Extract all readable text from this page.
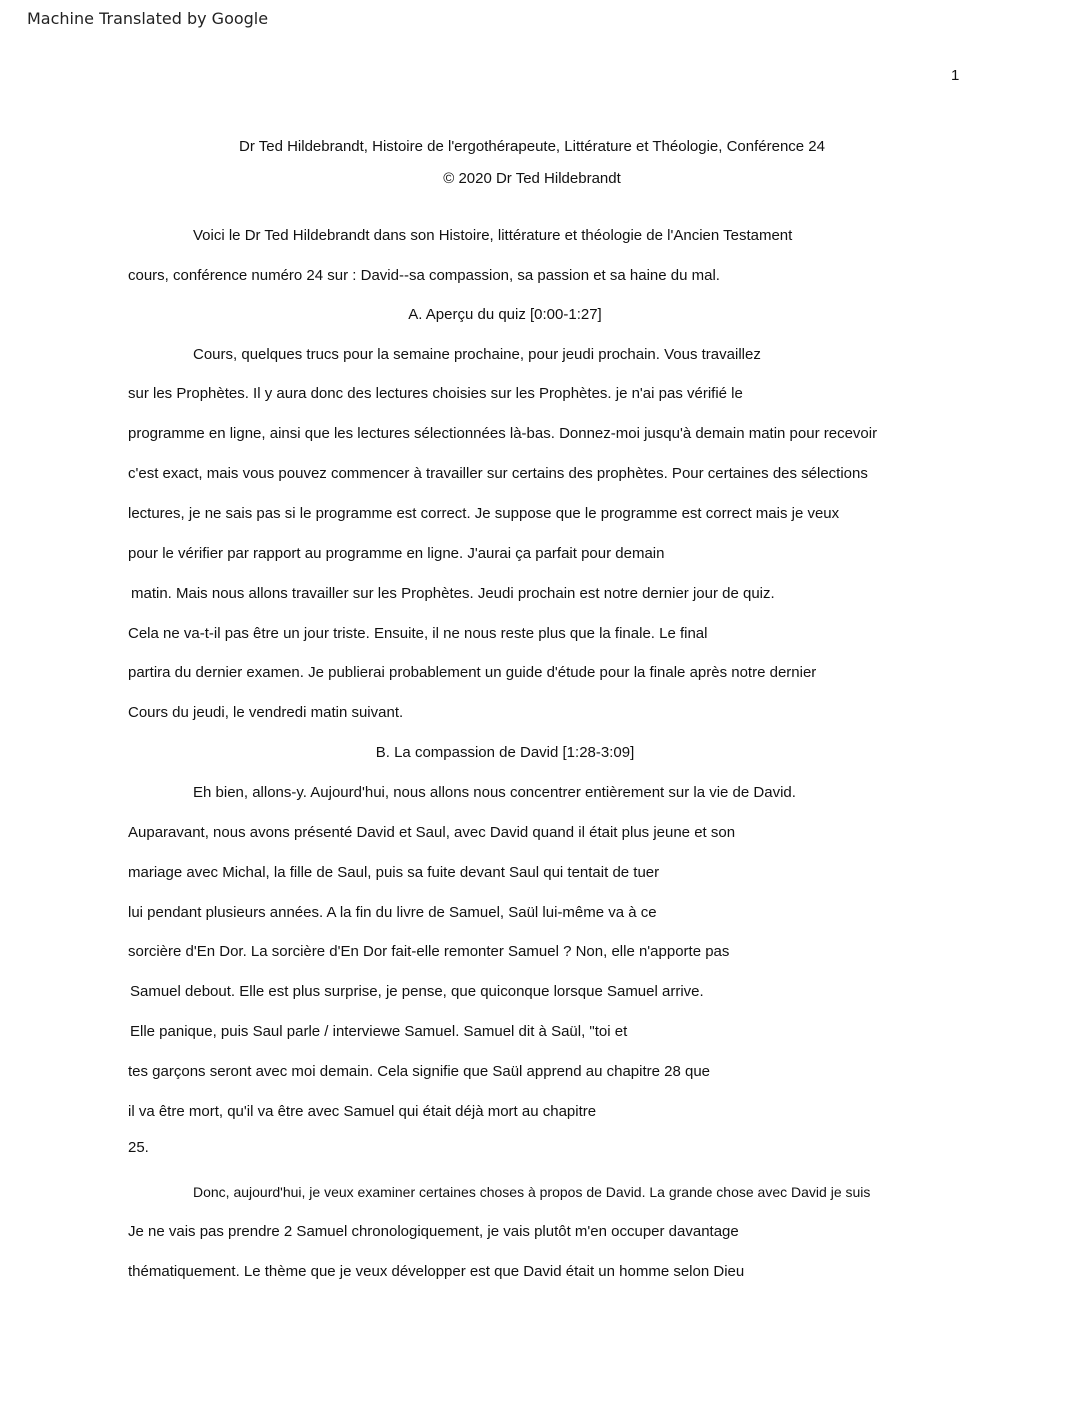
Machine Translated by Google
1
Dr Ted Hildebrandt, Histoire de l'ergothérapeute, Littérature et Théologie, Conférence 24
© 2020 Dr Ted Hildebrandt
Voici le Dr Ted Hildebrandt dans son Histoire, littérature et théologie de l'Ancien Testament
cours, conférence numéro 24 sur : David--sa compassion, sa passion et sa haine du mal.
A. Aperçu du quiz [0:00-1:27]
Cours, quelques trucs pour la semaine prochaine, pour jeudi prochain. Vous travaillez
sur les Prophètes. Il y aura donc des lectures choisies sur les Prophètes. je n'ai pas vérifié le
programme en ligne, ainsi que les lectures sélectionnées là-bas. Donnez-moi jusqu'à demain matin pour recevoir
c'est exact, mais vous pouvez commencer à travailler sur certains des prophètes. Pour certaines des sélections
lectures, je ne sais pas si le programme est correct. Je suppose que le programme est correct mais je veux
pour le vérifier par rapport au programme en ligne. J'aurai ça parfait pour demain
matin. Mais nous allons travailler sur les Prophètes. Jeudi prochain est notre dernier jour de quiz.
Cela ne va-t-il pas être un jour triste. Ensuite, il ne nous reste plus que la finale. Le final
partira du dernier examen. Je publierai probablement un guide d'étude pour la finale après notre dernier
Cours du jeudi, le vendredi matin suivant.
B. La compassion de David [1:28-3:09]
Eh bien, allons-y. Aujourd'hui, nous allons nous concentrer entièrement sur la vie de David.
Auparavant, nous avons présenté David et Saul, avec David quand il était plus jeune et son
mariage avec Michal, la fille de Saul, puis sa fuite devant Saul qui tentait de tuer
lui pendant plusieurs années. A la fin du livre de Samuel, Saül lui-même va à ce
sorcière d'En Dor. La sorcière d'En Dor fait-elle remonter Samuel ? Non, elle n'apporte pas
Samuel debout. Elle est plus surprise, je pense, que quiconque lorsque Samuel arrive.
Elle panique, puis Saul parle / interviewe Samuel. Samuel dit à Saül, "toi et
tes garçons seront avec moi demain. Cela signifie que Saül apprend au chapitre 28 que
il va être mort, qu'il va être avec Samuel qui était déjà mort au chapitre
25.
Donc, aujourd'hui, je veux examiner certaines choses à propos de David. La grande chose avec David je suis
Je ne vais pas prendre 2 Samuel chronologiquement, je vais plutôt m'en occuper davantage
thématiquement. Le thème que je veux développer est que David était un homme selon Dieu
